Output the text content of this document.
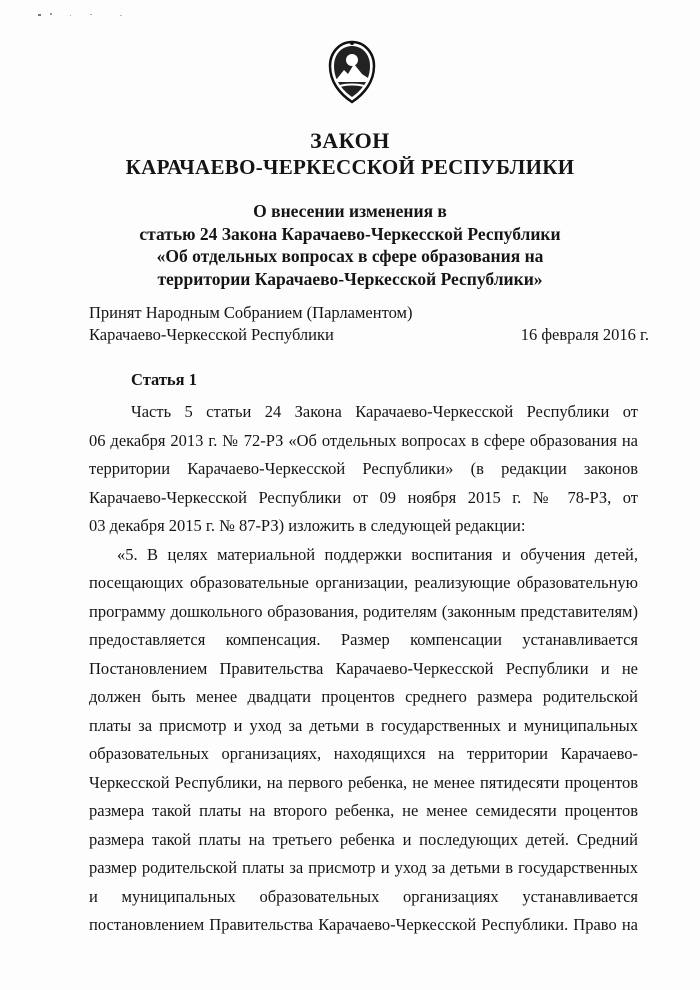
ЗАКОН
КАРАЧАЕВО-ЧЕРКЕССКОЙ РЕСПУБЛИКИ
О внесении изменения в
статью 24 Закона Карачаево-Черкесской Республики
«Об отдельных вопросах в сфере образования на
территории Карачаево-Черкесской Республики»
Принят Народным Собранием (Парламентом)
Карачаево-Черкесской Республики	16 февраля 2016 г.
Статья 1

Часть 5 статьи 24 Закона Карачаево-Черкесской Республики от

06 декабря 2013 г. № 72-РЗ «Об отдельных вопросах в сфере образования на

территории Карачаево-Черкесской Республики» (в редакции законов

Карачаево-Черкесской Республики от 09 ноября 2015 г. № 78-РЗ, от

03 декабря 2015 г. № 87-РЗ) изложить в следующей редакции:

«5. В целях материальной поддержки воспитания и обучения детей,

посещающих образовательные организации, реализующие образовательную

программу дошкольного образования, родителям (законным представителям)

предоставляется компенсация. Размер компенсации устанавливается

Постановлением Правительства Карачаево-Черкесской Республики и не

должен быть менее двадцати процентов среднего размера родительской

платы за присмотр и уход за детьми в государственных и муниципальных

образовательных организациях, находящихся на территории Карачаево-

Черкесской Республики, на первого ребенка, не менее пятидесяти процентов

размера такой платы на второго ребенка, не менее семидесяти процентов

размера такой платы на третьего ребенка и последующих детей. Средний

размер родительской платы за присмотр и уход за детьми в государственных

и муниципальных образовательных организациях устанавливается

постановлением Правительства Карачаево-Черкесской Республики. Право на
